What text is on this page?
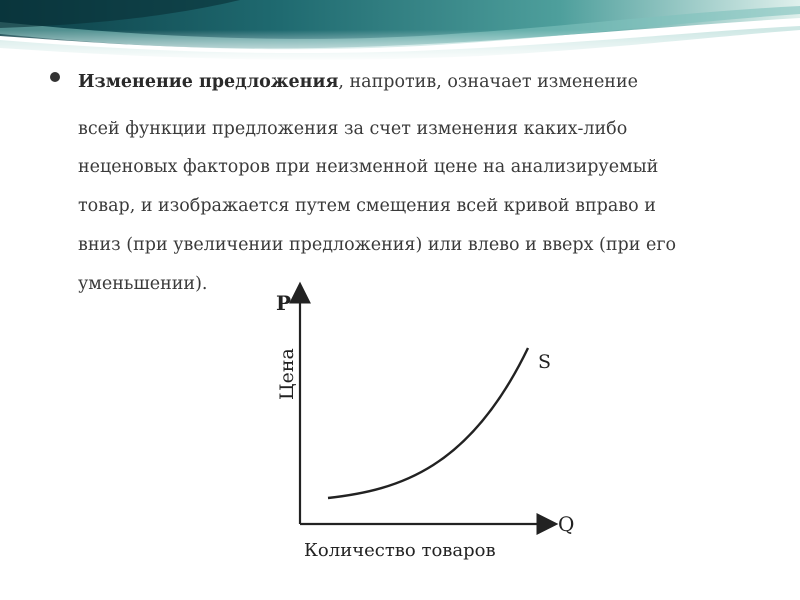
Изменение предложения, напротив, означает изменение
всей функции предложения за счет изменения каких-либо
неценовых факторов при неизменной цене на анализируемый
товар, и изображается путем смещения всей кривой вправо и
вниз (при увеличении предложения) или влево и вверх (при его
уменьшении).
P
Цена	S
Q
Количество товаров
